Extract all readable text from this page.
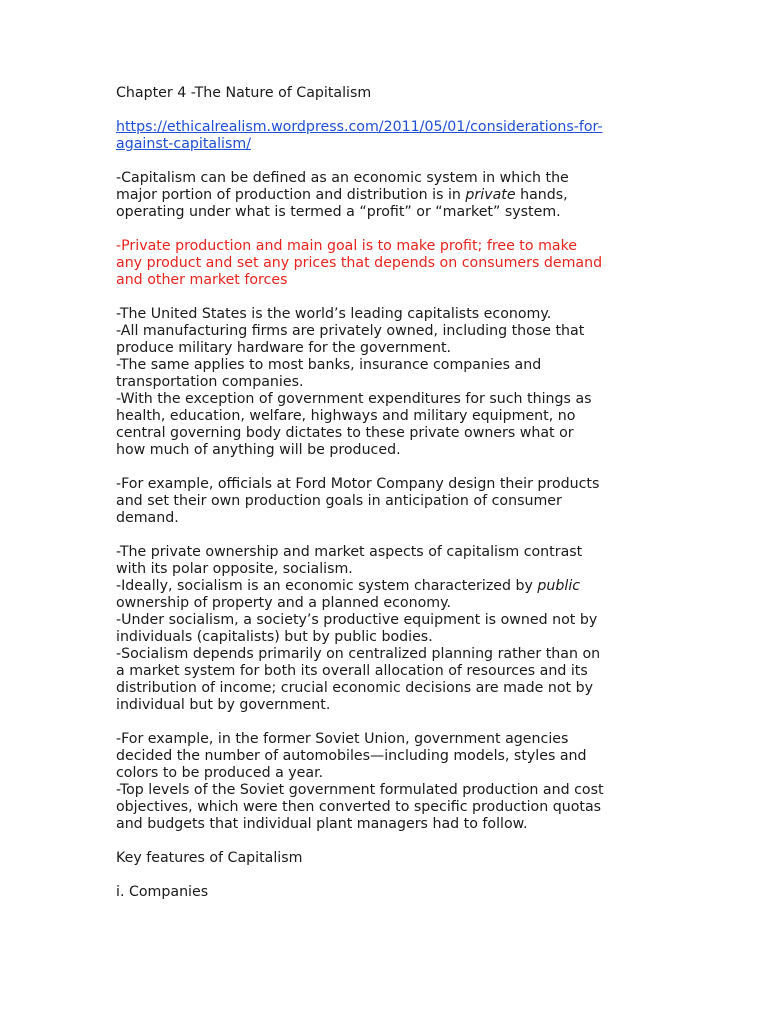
Chapter 4 -The Nature of Capitalism
https://ethicalrealism.wordpress.com/2011/05/01/considerations-for-
against-capitalism/
-Capitalism can be defined as an economic system in which the
major portion of production and distribution is in private hands,
operating under what is termed a “profit” or “market” system.
-Private production and main goal is to make profit; free to make
any product and set any prices that depends on consumers demand
and other market forces
-The United States is the world’s leading capitalists economy.
-All manufacturing firms are privately owned, including those that
produce military hardware for the government.
-The same applies to most banks, insurance companies and
transportation companies.
-With the exception of government expenditures for such things as
health, education, welfare, highways and military equipment, no
central governing body dictates to these private owners what or
how much of anything will be produced.
-For example, officials at Ford Motor Company design their products
and set their own production goals in anticipation of consumer
demand.
-The private ownership and market aspects of capitalism contrast
with its polar opposite, socialism.
-Ideally, socialism is an economic system characterized by public
ownership of property and a planned economy.
-Under socialism, a society’s productive equipment is owned not by
individuals (capitalists) but by public bodies.
-Socialism depends primarily on centralized planning rather than on
a market system for both its overall allocation of resources and its
distribution of income; crucial economic decisions are made not by
individual but by government.
-For example, in the former Soviet Union, government agencies
decided the number of automobiles—including models, styles and
colors to be produced a year.
-Top levels of the Soviet government formulated production and cost
objectives, which were then converted to specific production quotas
and budgets that individual plant managers had to follow.
Key features of Capitalism
i. Companies
